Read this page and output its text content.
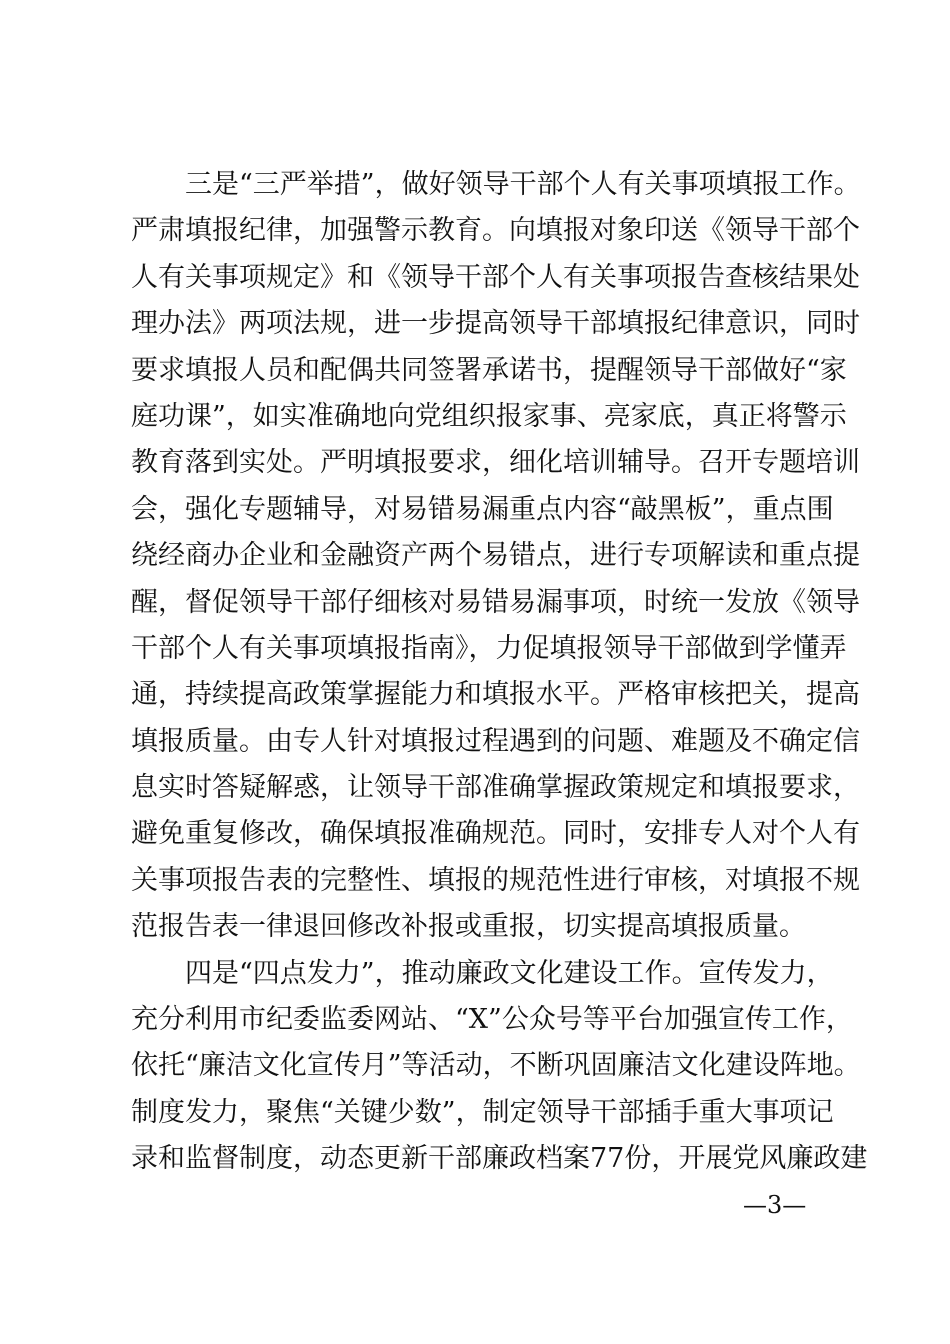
三是“三严举措”，做好领导干部个人有关事项填报工作。
严肃填报纪律，加强警示教育。向填报对象印送《领导干部个
人有关事项规定》和《领导干部个人有关事项报告查核结果处
理办法》两项法规，进一步提高领导干部填报纪律意识，同时
要求填报人员和配偶共同签署承诺书，提醒领导干部做好“家
庭功课”，如实准确地向党组织报家事、亮家底，真正将警示
教育落到实处。严明填报要求，细化培训辅导。召开专题培训
会，强化专题辅导，对易错易漏重点内容“敲黑板”，重点围
绕经商办企业和金融资产两个易错点，进行专项解读和重点提
醒，督促领导干部仔细核对易错易漏事项，时统一发放《领导
干部个人有关事项填报指南》，力促填报领导干部做到学懂弄
通，持续提高政策掌握能力和填报水平。严格审核把关，提高
填报质量。由专人针对填报过程遇到的问题、难题及不确定信
息实时答疑解惑，让领导干部准确掌握政策规定和填报要求，
避免重复修改，确保填报准确规范。同时，安排专人对个人有
关事项报告表的完整性、填报的规范性进行审核，对填报不规
范报告表一律退回修改补报或重报，切实提高填报质量。
四是“四点发力”，推动廉政文化建设工作。宣传发力，
充分利用市纪委监委网站、“X”公众号等平台加强宣传工作，
依托“廉洁文化宣传月”等活动，不断巩固廉洁文化建设阵地。
制度发力，聚焦“关键少数”，制定领导干部插手重大事项记
录和监督制度，动态更新干部廉政档案77份，开展党风廉政建
—3—
